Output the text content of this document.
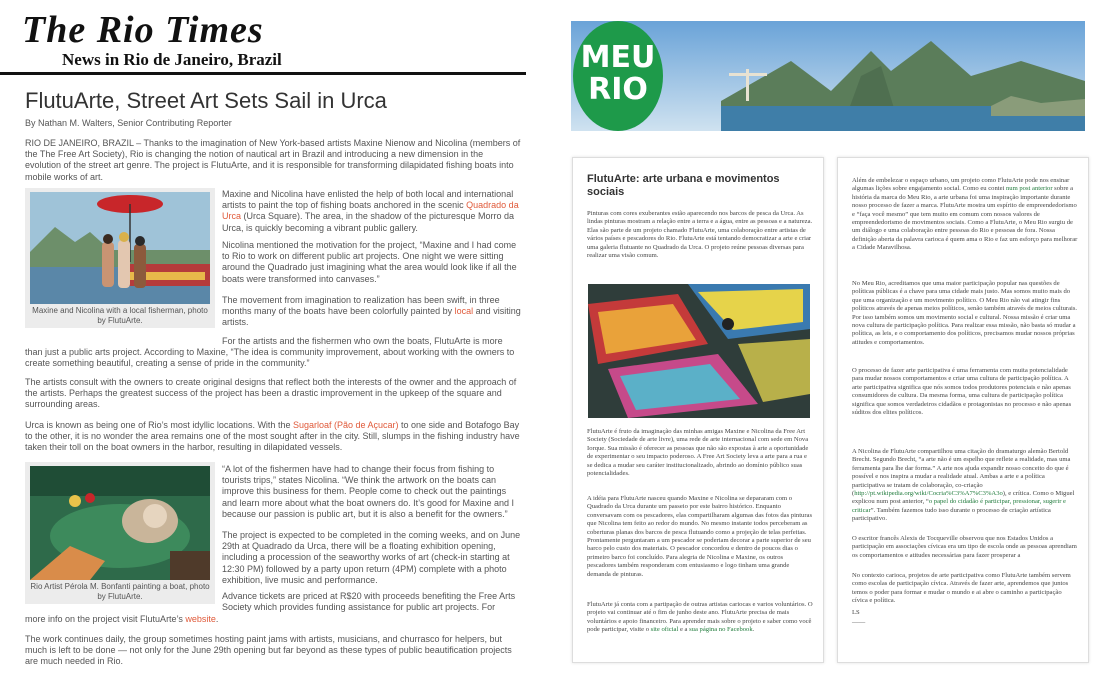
The Rio Times
News in Rio de Janeiro, Brazil
FlutuArte, Street Art Sets Sail in Urca
By Nathan M. Walters, Senior Contributing Reporter
RIO DE JANEIRO, BRAZIL – Thanks to the imagination of New York-based artists Maxine Nienow and Nicolina (members of the The Free Art Society), Rio is changing the notion of nautical art in Brazil and introducing a new dimension in the evolution of the street art genre. The project is FlutuArte, and it is responsible for transforming dilapidated fishing boats into mobile works of art.
Maxine and Nicolina with a local fisherman, photo by FlutuArte.
Maxine and Nicolina have enlisted the help of both local and international artists to paint the top of fishing boats anchored in the scenic Quadrado da Urca (Urca Square). The area, in the shadow of the picturesque Morro da Urca, is quickly becoming a vibrant public gallery.
Nicolina mentioned the motivation for the project, “Maxine and I had come to Rio to work on different public art projects. One night we were sitting around the Quadrado just imagining what the area would look like if all the boats were transformed into canvases.”
The movement from imagination to realization has been swift, in three months many of the boats have been colorfully painted by local and visiting artists.
For the artists and the fishermen who own the boats, FlutuArte is more than just a public arts project. According to Maxine, “The idea is community improvement, about working with the owners to create something beautiful, creating a sense of pride in the community.”
The artists consult with the owners to create original designs that reflect both the interests of the owner and the approach of the artists. Perhaps the greatest success of the project has been a drastic improvement in the upkeep of the square and surrounding areas.
Urca is known as being one of Rio’s most idyllic locations. With the Sugarloaf (Pão de Açucar) to one side and Botafogo Bay to the other, it is no wonder the area remains one of the most sought after in the city. Still, slumps in the fishing industry have taken their toll on the boat owners in the harbor, resulting in dilapidated vessels.
Rio Artist Pérola M. Bonfanti painting a boat, photo by FlutuArte.
“A lot of the fishermen have had to change their focus from fishing to tourists trips,” states Nicolina. “We think the artwork on the boats can improve this business for them. People come to check out the paintings and learn more about what the boat owners do. It’s good for Maxine and I because our passion is public art, but it is also a benefit for the owners.”
The project is expected to be completed in the coming weeks, and on June 29th at Quadrado da Urca, there will be a floating exhibition opening, including a procession of the seaworthy works of art (check-in starting at 12:30 PM) followed by a party upon return (4PM) complete with a photo exhibition, live music and performance.
Advance tickets are priced at R$20 with proceeds benefiting the Free Arts Society which provides funding assistance for public art projects. For
more info on the project visit FlutuArte’s website.
The work continues daily, the group sometimes hosting paint jams with artists, musicians, and churrasco for helpers, but much is left to be done — not only for the June 29th opening but far beyond as these types of public beautification projects are much needed in Rio.
MEU
RIO
FlutuArte: arte urbana e movimentos sociais
Pinturas com cores exuberantes estão aparecendo nos barcos de pesca da Urca. As lindas pinturas mostram a relação entre a terra e a água, entre as pessoas e a natureza. Elas são parte de um projeto chamado FlutuArte, uma colaboração entre artistas de vários países e pescadores do Rio. FlutuArte está tentando democratizar a arte e criar uma galeria flutuante no Quadrado da Urca. O projeto reúne pessoas diversas para realizar uma visão comum.
FlutuArte é fruto da imaginação das minhas amigas Maxine e Nicolina da Free Art Society (Sociedade de arte livre), uma rede de arte internacional com sede em Nova Iorque. Sua missão é oferecer as pessoas que não são expostas à arte a oportunidade de experimentar o seu impacto poderoso. A Free Art Society leva a arte para a rua e se dedica a mudar seu caráter institucionalizado, abrindo ao domínio público suas potencialidades.
A idéia para FlutuArte nasceu quando Maxine e Nicolina se depararam com o Quadrado da Urca durante um passeio por este bairro histórico. Enquanto conversavam com os pescadores, elas compartilharam algumas das fotos das pinturas que Nicolina tem feito ao redor do mundo. No mesmo instante todos perceberam as coberturas planas dos barcos de pesca flutuando como a projeção de telas perfeitas. Prontamente perguntaram a um pescador se poderiam decorar a parte superior de seu barco pelo custo dos materiais. O pescador concordou e dentro de poucos dias o primeiro barco foi concluído. Para alegria de Nicolina e Maxine, os outros pescadores também responderam com entusiasmo e logo tinham uma grande demanda de pinturas.
FlutuArte já conta com a partipação de outras artistas cariocas e varios voluntários. O projeto vai continuar até o fim de junho deste ano. FlutuArte precisa de mais voluntários e apoio financeiro. Para aprender mais sobre o projeto e saber como você pode participar, visite o site oficial e a sua página no Facebook.
Além de embelezar o espaço urbano, um projeto como FlutuArte pode nos ensinar algumas lições sobre engajamento social. Como eu contei num post anterior sobre a história da marca do Meu Rio, a arte urbana foi uma inspiração importante durante nosso processo de fazer a marca. FlutuArte mostra um espírito de empreendedorismo e “faça você mesmo” que tem muito em comum com nossos valores de empreendedorismo de movimentos sociais. Como a FlutuArte, o Meu Rio surgiu de um diálogo e uma colaboração entre pessoas do Rio e pessoas de fora. Nossa definição aberta da palavra carioca é quem ama o Rio e faz um esforço para melhorar a Cidade Maravilhosa.
No Meu Rio, acreditamos que uma maior participação popular nas questões de políticas públicas é a chave para uma cidade mais justo. Mas somos muito mais do que uma organização e um movimento político. O Meu Rio não vai atingir fins políticos através de apenas meios políticos, senão também através de meios culturais. Por isso também somos um movimento social e cultural. Nossa missão é criar uma nova cultura de participação política. Para realizar essa missão, não basta só mudar a política, as leis, e o comportamento dos políticos, precisamos mudar nossos próprias atitudes e comportamentos.
O processo de fazer arte participativa é uma ferramenta com muita potencialidade para mudar nossos comportamentos e criar uma cultura de participação política. A arte participativa significa que nós somos todos produtores potenciais e não apenas consumidores de cultura. Da mesma forma, uma cultura de participação política significa que somos verdadeiros cidadãos e protagonistas no processo e não apenas súditos dos elites políticos.
A Nicolina de FlutuArte compartilhou uma citação do dramaturgo alemão Bertold Brecht. Segundo Brecht, “a arte não é um espelho que reflete a realidade, mas uma ferramenta para lhe dar forma.” A arte nos ajuda expandir nosso conceito do que é possível e nos inspira a mudar a realidade atual. Ambas a arte e a política participativa se tratam de colaboração, co-criação (http://pt.wikipedia.org/wiki/Cocria%C3%A7%C3%A3o), e crítica. Como o Miguel explicou num post anterior, “o papel do cidadão é participar, pressionar, sugerir e criticar”. Também fazemos tudo isso durante o processo de criação artística participativo.
O escritor francês Alexis de Tocqueville observou que nos Estados Unidos a participação em associações cívicas era um tipo de escola onde as pessoas aprendiam os comportamentos e atitudes necessárias para fazer prosperar a
No contexto carioca, projetos de arte participativa como FlutuArte também servem como escolas de participação cívica. Através de fazer arte, aprendemos que juntos temos o poder para formar e mudar o mundo e ai abre o caminho a participação cívica e política.
LS
——
